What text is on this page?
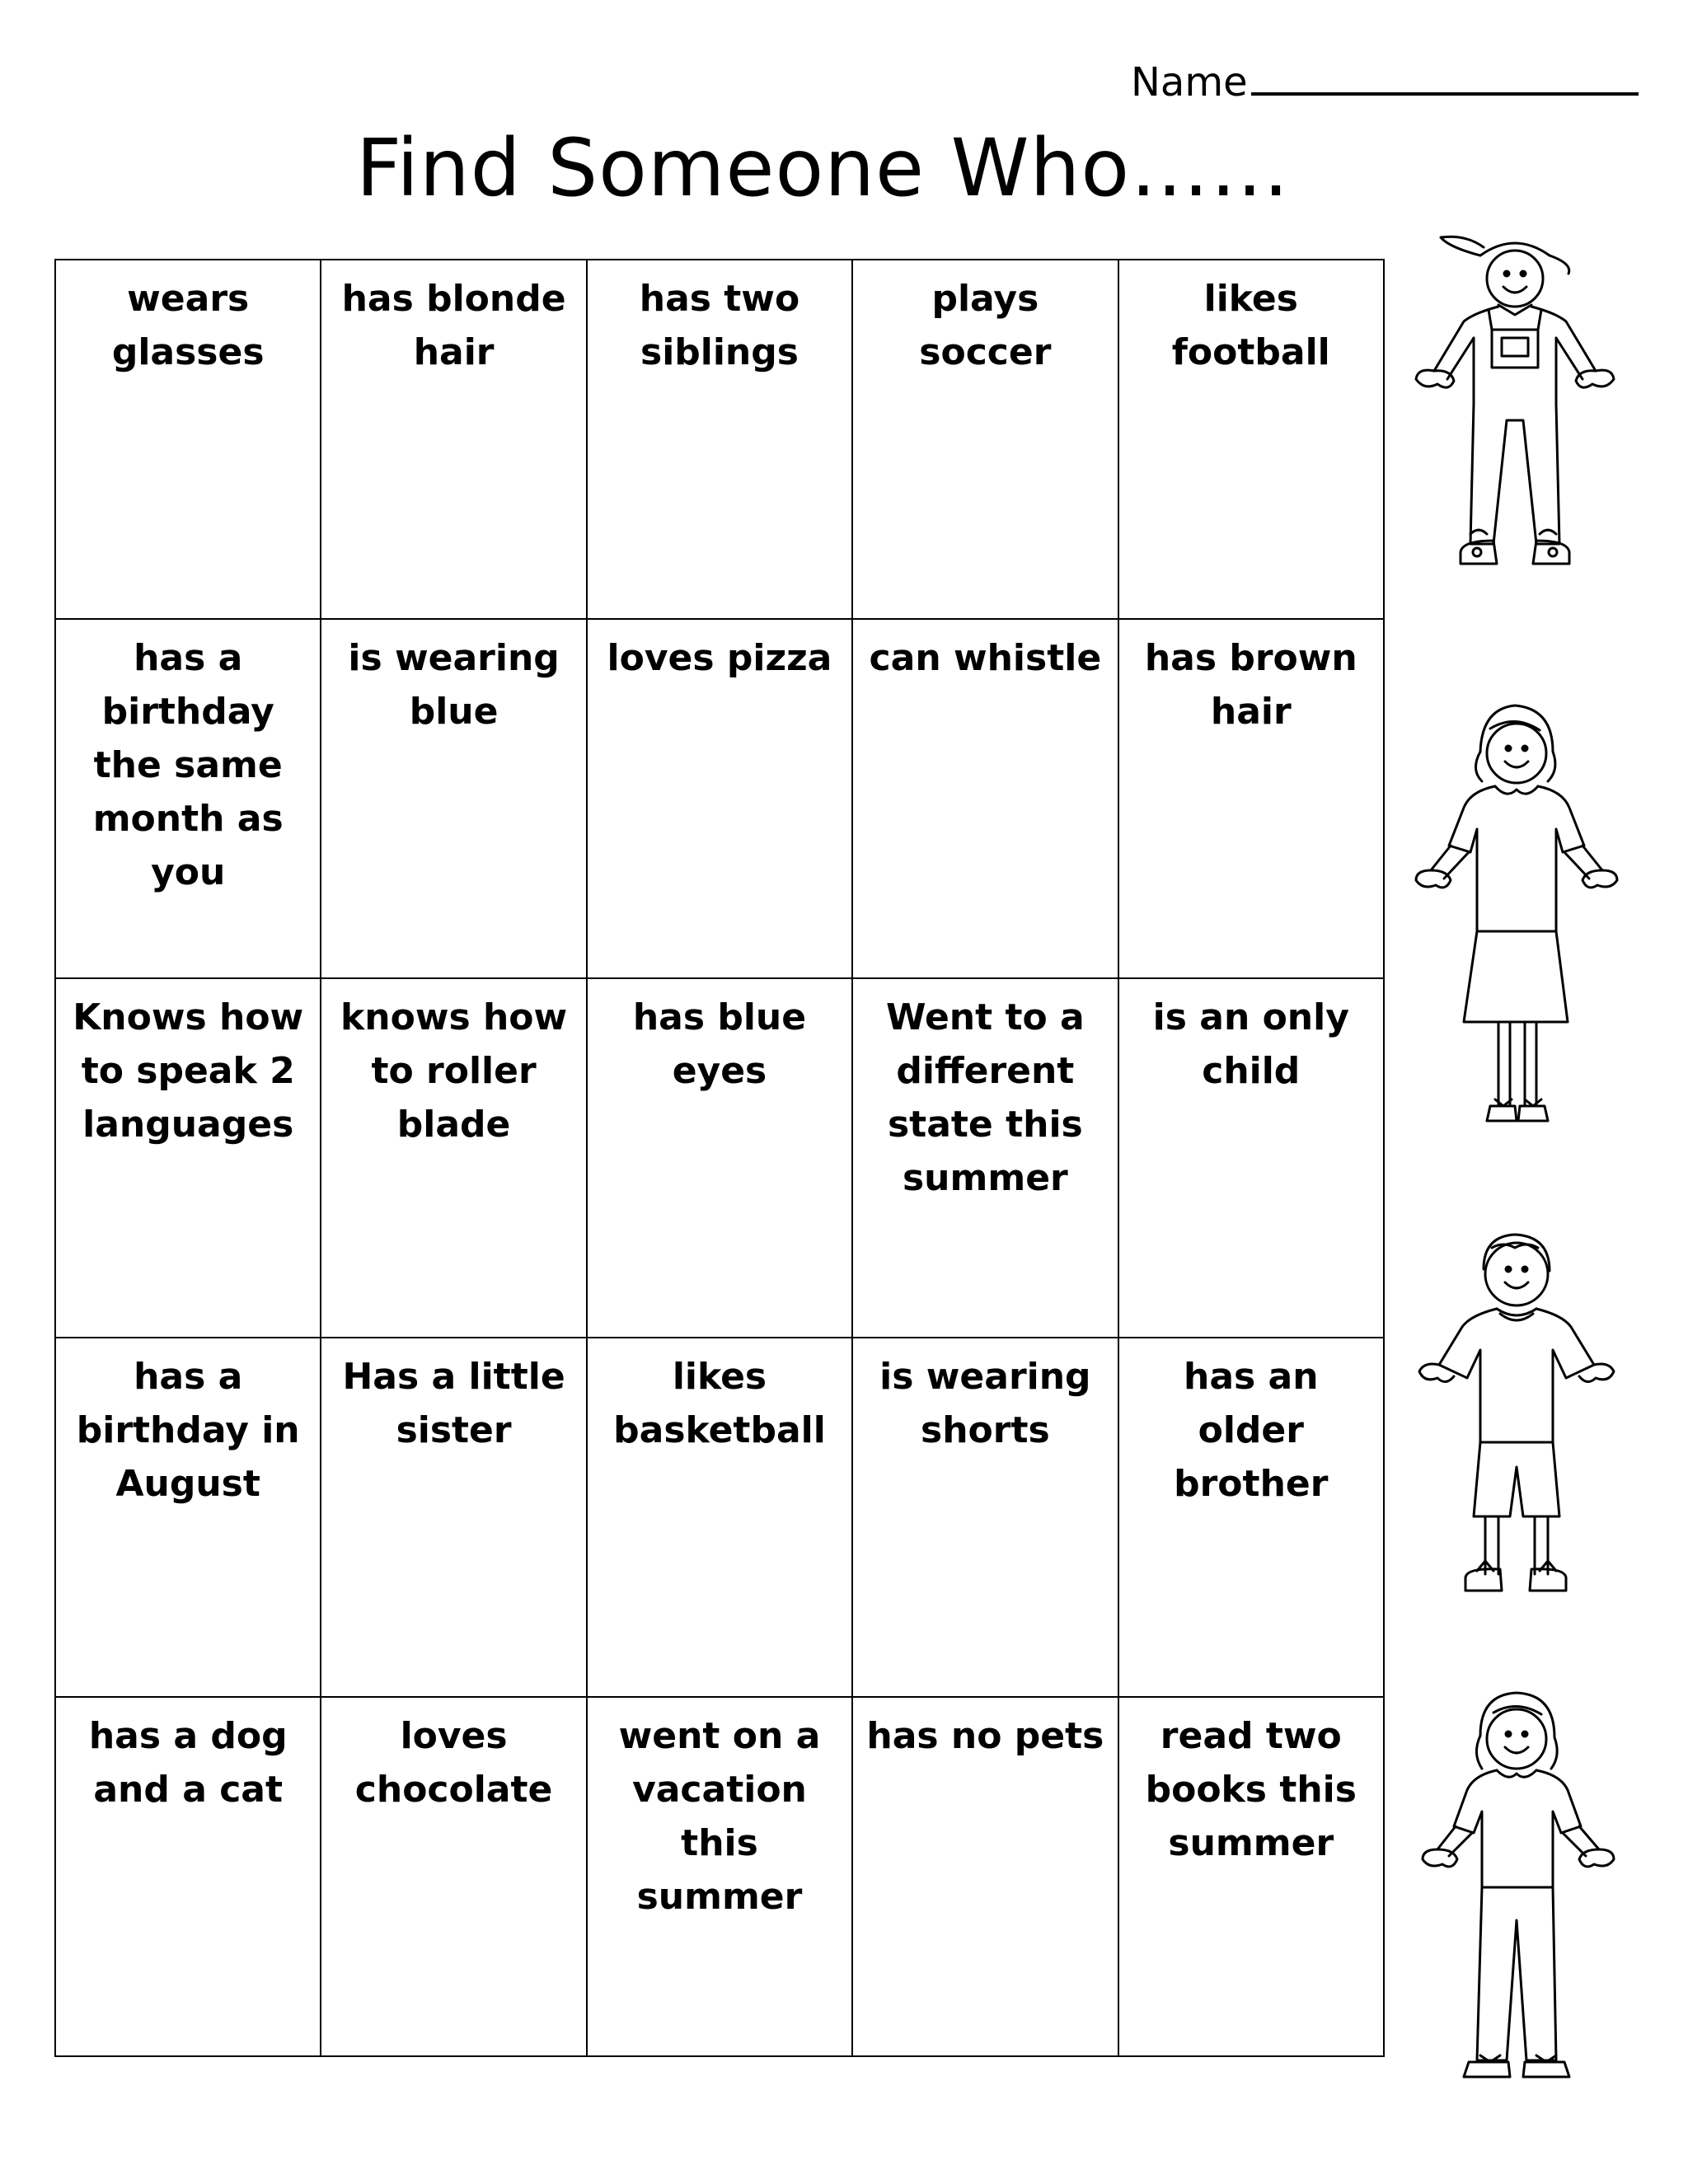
Name
Find Someone Who……
wears glasses	has blonde hair	has two siblings	plays soccer	likes football
has a birthday the same month as you	is wearing blue	loves pizza	can whistle	has brown hair
Knows how to speak 2 languages	knows how to roller blade	has blue eyes	Went to a different state this summer	is an only child
has a birthday in August	Has a little sister	likes basketball	is wearing shorts	has an older brother
has a dog and a cat	loves chocolate	went on a vacation this summer	has no pets	read two books this summer
